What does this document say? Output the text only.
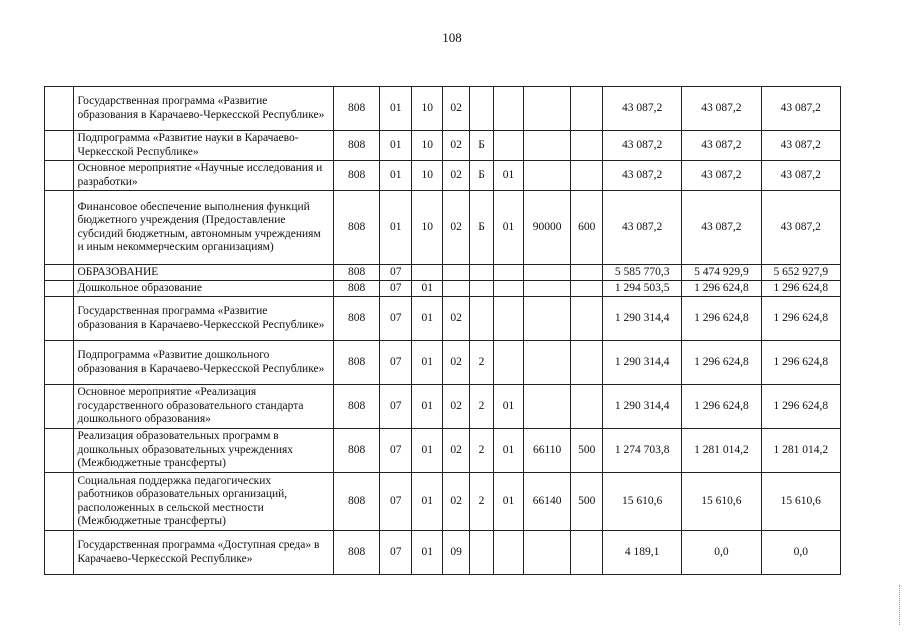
108
	Государственная программа «Развитие образования в Карачаево-Черкесской Республике»	808	01	10	02					43 087,2	43 087,2	43 087,2
	Подпрограмма «Развитие науки в Карачаево-Черкесской Республике»	808	01	10	02	Б				43 087,2	43 087,2	43 087,2
	Основное мероприятие «Научные исследования и разработки»	808	01	10	02	Б	01			43 087,2	43 087,2	43 087,2
	Финансовое обеспечение выполнения функций бюджетного учреждения (Предоставление субсидий бюджетным, автономным учреждениям и иным некоммерческим организациям)	808	01	10	02	Б	01	90000	600	43 087,2	43 087,2	43 087,2
	ОБРАЗОВАНИЕ	808	07							5 585 770,3	5 474 929,9	5 652 927,9
	Дошкольное образование	808	07	01						1 294 503,5	1 296 624,8	1 296 624,8
	Государственная программа «Развитие образования в Карачаево-Черкесской Республике»	808	07	01	02					1 290 314,4	1 296 624,8	1 296 624,8
	Подпрограмма «Развитие дошкольного образования в Карачаево-Черкесской Республике»	808	07	01	02	2				1 290 314,4	1 296 624,8	1 296 624,8
	Основное мероприятие «Реализация государственного образовательного стандарта дошкольного образования»	808	07	01	02	2	01			1 290 314,4	1 296 624,8	1 296 624,8
	Реализация образовательных программ в дошкольных образовательных учреждениях (Межбюджетные трансферты)	808	07	01	02	2	01	66110	500	1 274 703,8	1 281 014,2	1 281 014,2
	Социальная поддержка педагогических работников образовательных организаций, расположенных в сельской местности (Межбюджетные трансферты)	808	07	01	02	2	01	66140	500	15 610,6	15 610,6	15 610,6
	Государственная программа «Доступная среда» в Карачаево-Черкесской Республике»	808	07	01	09					4 189,1	0,0	0,0
